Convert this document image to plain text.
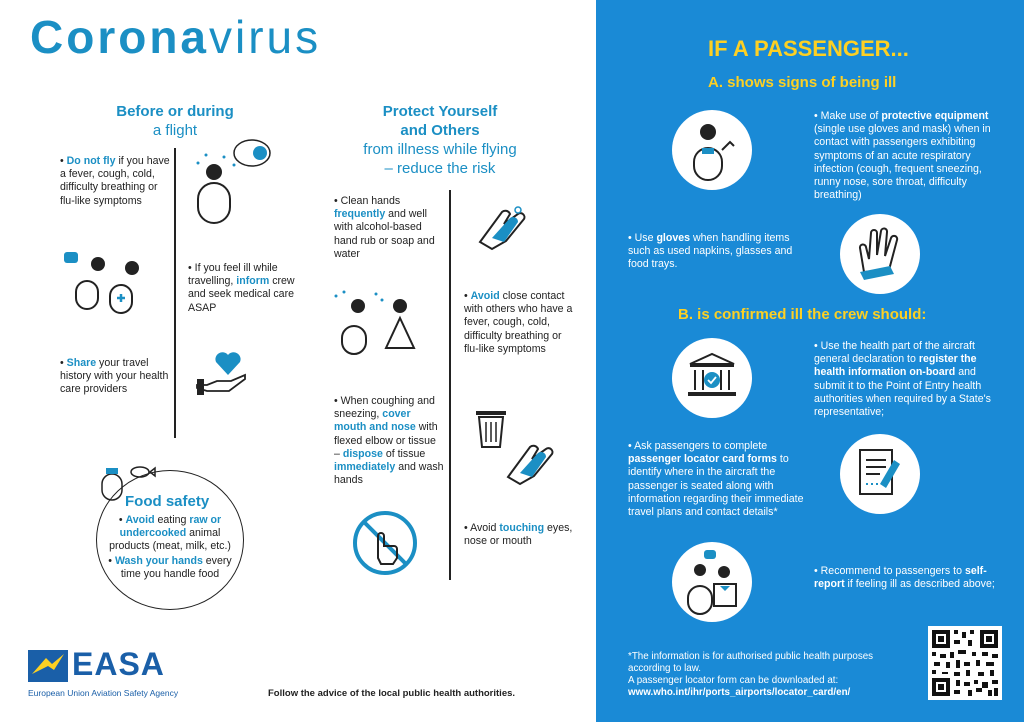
Coronavirus
Before or during
a flight
• Do not fly if you have a fever, cough, cold, difficulty breathing or flu-like symptoms
• If you feel ill while travelling, inform crew and seek medical care ASAP
• Share your travel history with your health care providers
Food safety
• Avoid eating raw or undercooked animal products (meat, milk, etc.)
• Wash your hands every time you handle food
Protect Yourself
and Others
from illness while flying
– reduce the risk
• Clean hands frequently and well with alcohol-based hand rub or soap and water
• Avoid close contact with others who have a fever, cough, cold, difficulty breathing or flu-like symptoms
• When coughing and sneezing, cover mouth and nose with flexed elbow or tissue – dispose of tissue immediately and wash hands
• Avoid touching eyes, nose or mouth
EASA
European Union Aviation Safety Agency	Follow the advice of the local public health authorities.
IF A PASSENGER...
A. shows signs of being ill
• Make use of protective equipment (single use gloves and mask) when in contact with passengers exhibiting symptoms of an acute respiratory infection (cough, frequent sneezing, runny nose, sore throat, difficulty breathing)
• Use gloves when handling items such as used napkins, glasses and food trays.
B. is confirmed ill the crew should:
• Use the health part of the aircraft general declaration to register the health information on-board and submit it to the Point of Entry health authorities when required by a State's representative;
• Ask passengers to complete passenger locator card forms to identify where in the aircraft the passenger is seated along with information regarding their immediate travel plans and contact details*
• Recommend to passengers to self-report if feeling ill as described above;
*The information is for authorised public health purposes according to law.
A passenger locator form can be downloaded at:
www.who.int/ihr/ports_airports/locator_card/en/
